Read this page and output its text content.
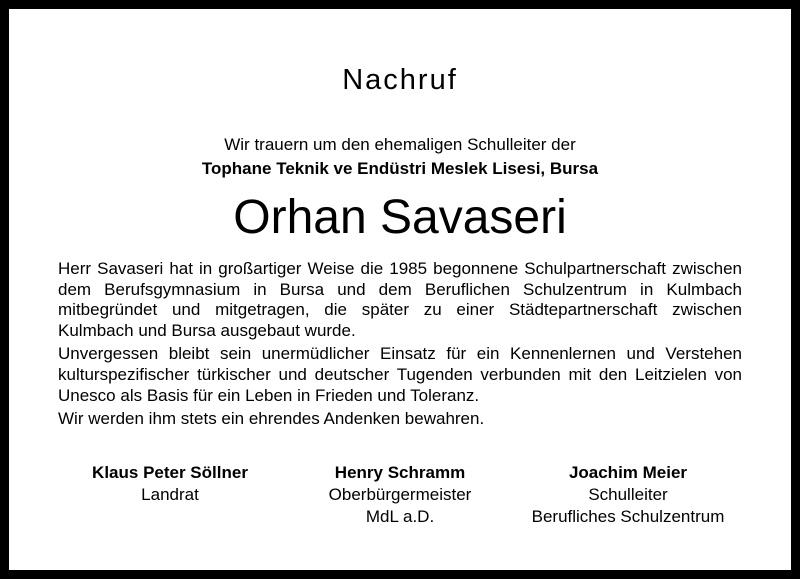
Nachruf
Wir trauern um den ehemaligen Schulleiter der
Tophane Teknik ve Endüstri Meslek Lisesi, Bursa
Orhan Savaseri

Herr Savaseri hat in großartiger Weise die 1985 begonnene Schulpartnerschaft zwischen dem Berufsgymnasium in Bursa und dem Beruflichen Schulzentrum in Kulmbach mitbegründet und mitgetragen, die später zu einer Städtepartnerschaft zwischen Kulmbach und Bursa ausgebaut wurde.

Unvergessen bleibt sein unermüdlicher Einsatz für ein Kennenlernen und Verstehen kulturspezifischer türkischer und deutscher Tugenden verbunden mit den Leitzielen von Unesco als Basis für ein Leben in Frieden und Toleranz.

Wir werden ihm stets ein ehrendes Andenken bewahren.

Klaus Peter Söllner
Landrat
Henry Schramm
Oberbürgermeister
MdL a.D.
Joachim Meier
Schulleiter
Berufliches Schulzentrum
